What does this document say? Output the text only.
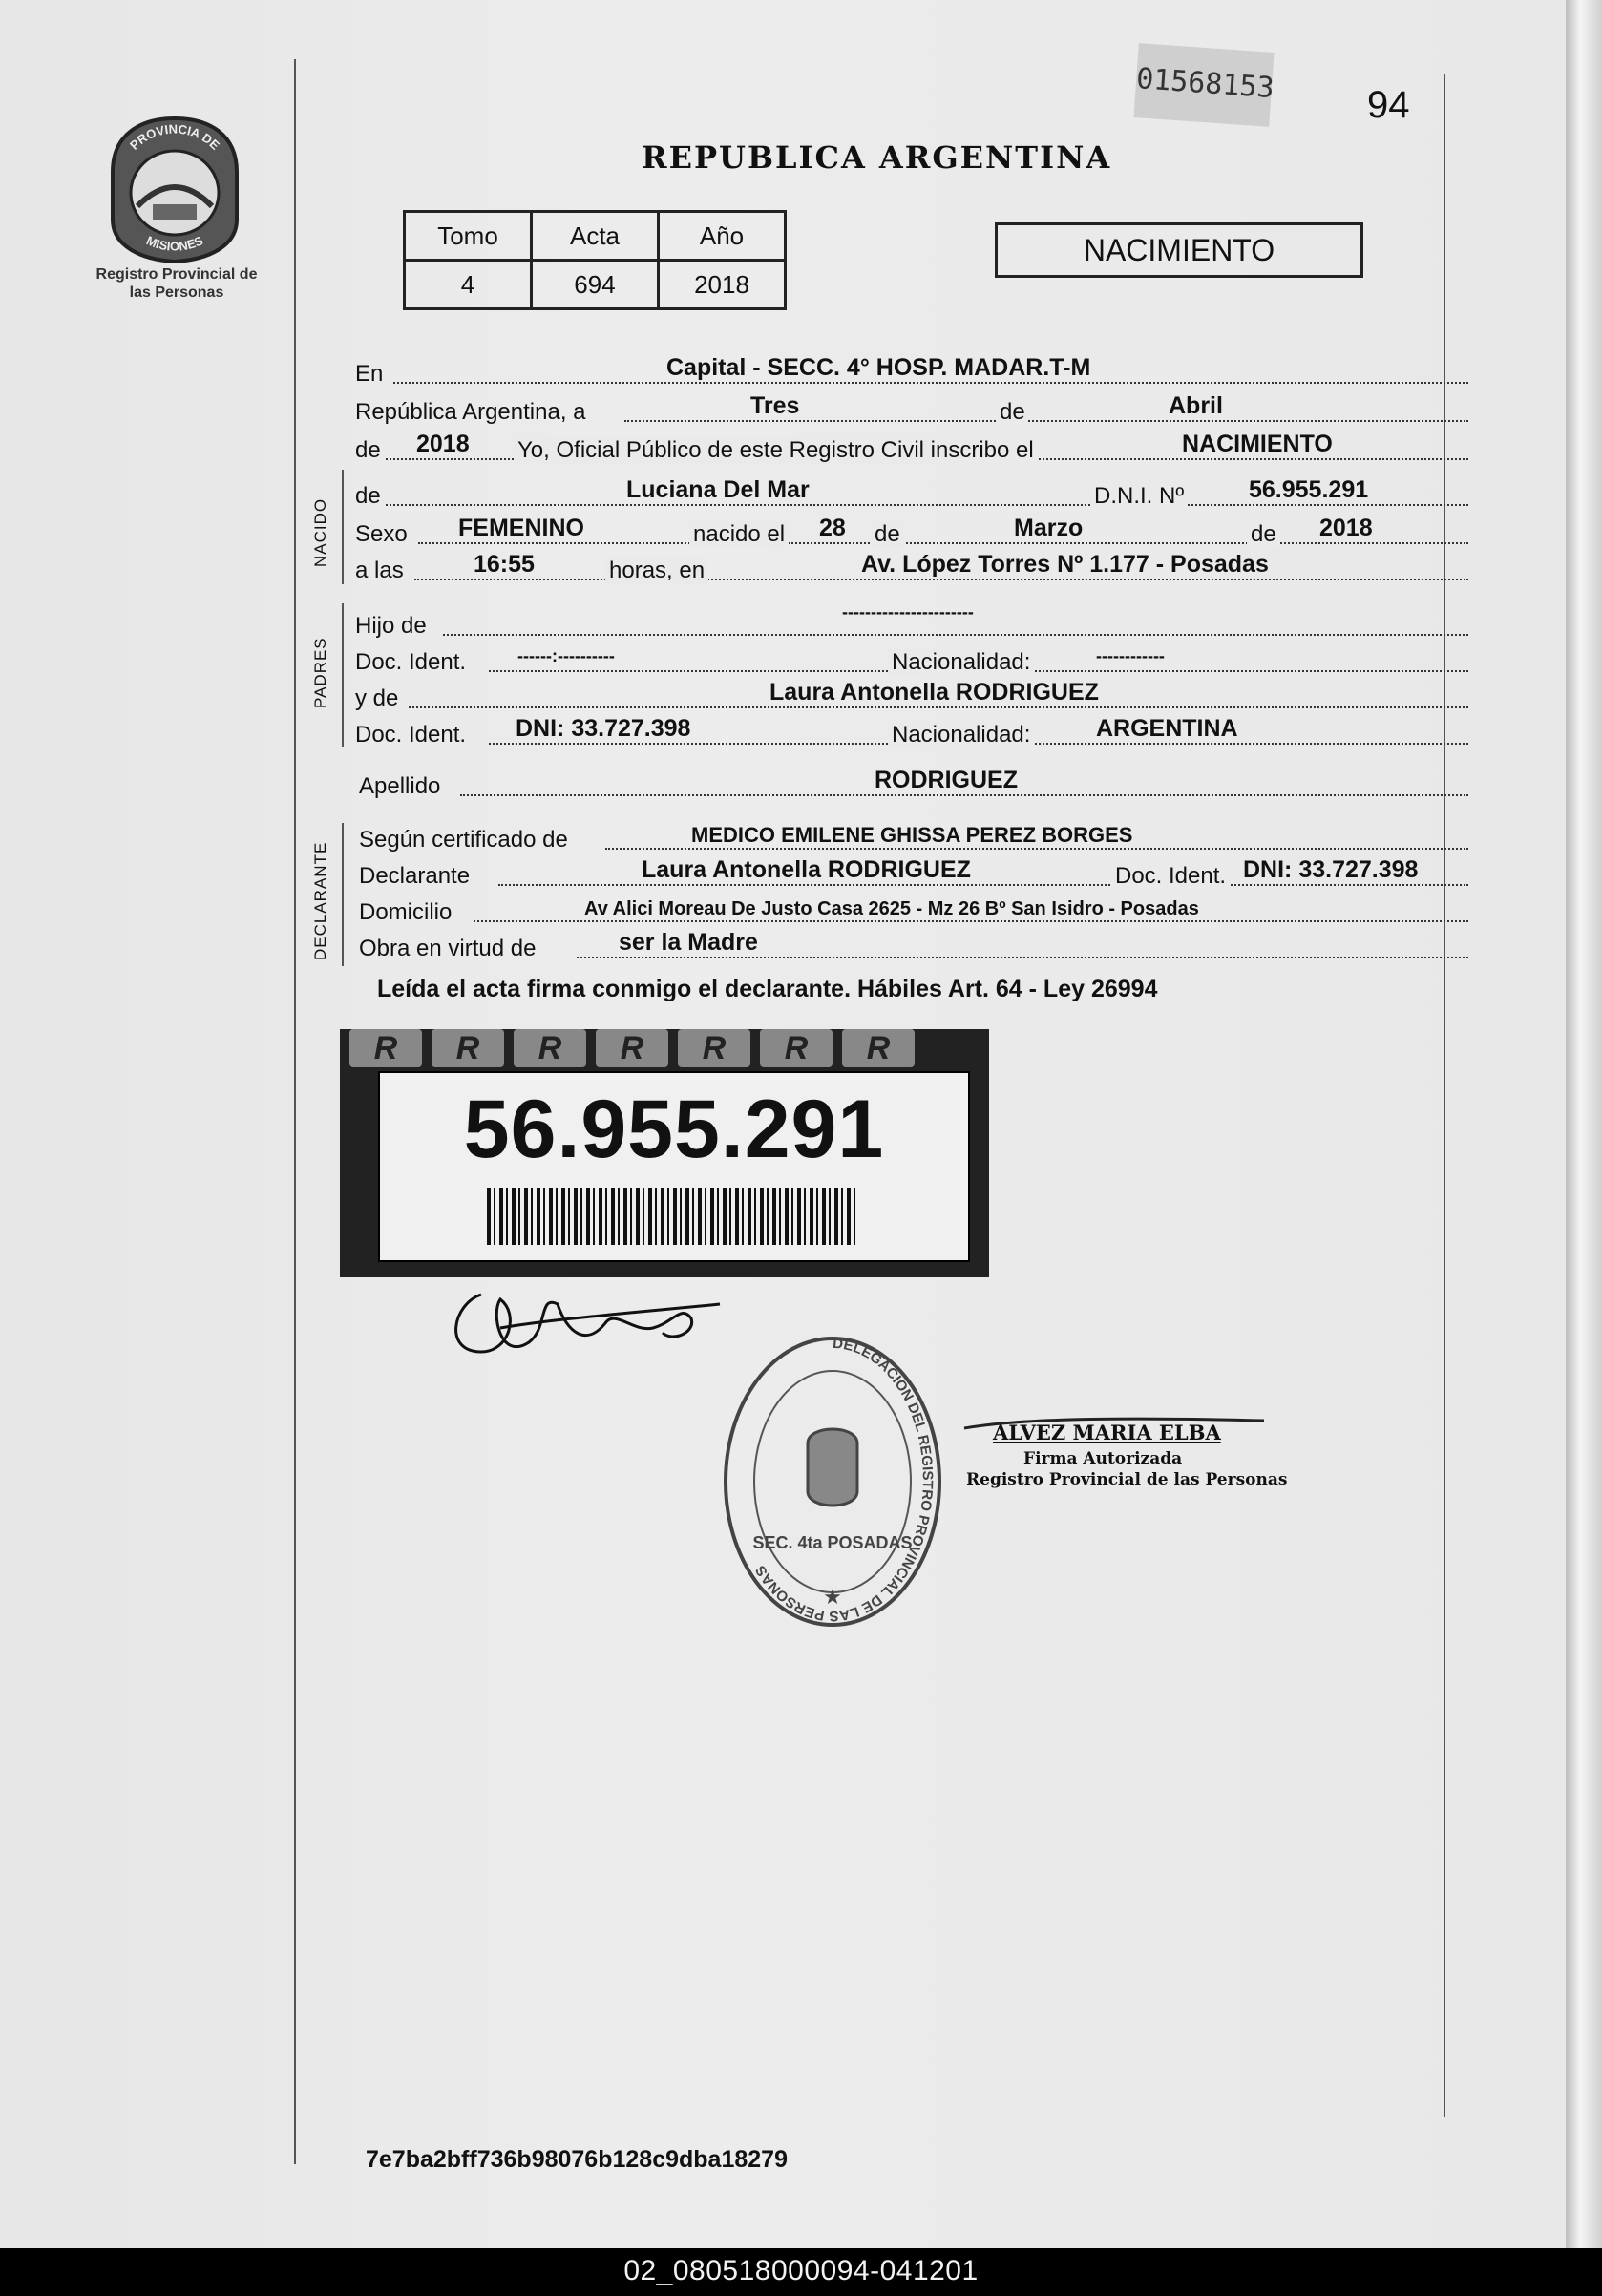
PROVINCIA DE
MISIONES
Registro Provincial de las Personas
01568153 94
REPUBLICA ARGENTINA
Tomo	Acta	Año
4	694	2018
NACIMIENTO
En	Capital - SECC. 4° HOSP. MADAR.T-M
República Argentina, a	Tres	de	Abril
de 2018 Yo, Oficial Público de este Registro Civil inscribo el	NACIMIENTO
NACIDO
de	Luciana Del Mar	D.N.I. Nº	56.955.291
Sexo FEMENINO	nacido el 28 de	Marzo	de 2018
a las	16:55	horas, en	Av. López Torres Nº 1.177 - Posadas
PADRES
Hijo de
-----------------------
Doc. Ident.	------:----------	Nacionalidad:	------------
y de	Laura Antonella RODRIGUEZ
Doc. Ident. DNI: 33.727.398	Nacionalidad:	ARGENTINA
Apellido	RODRIGUEZ
DECLARANTE
Según certificado de	MEDICO EMILENE GHISSA PEREZ BORGES
Declarante	Laura Antonella RODRIGUEZ	Doc. Ident. DNI: 33.727.398
Domicilio	Av Alici Moreau De Justo Casa 2625 - Mz 26 Bº San Isidro - Posadas
Obra en virtud de	ser la Madre
Leída el acta firma conmigo el declarante. Hábiles Art. 64 - Ley 26994
R	R	R	R	R	R	R
56.955.291
DELEGACION DEL REGISTRO PROVINCIAL DE LAS PERSONAS
SEC. 4ta POSADAS
★
ALVEZ MARIA ELBA
Firma Autorizada
Registro Provincial de las Personas
7e7ba2bff736b98076b128c9dba18279
02_080518000094-041201
